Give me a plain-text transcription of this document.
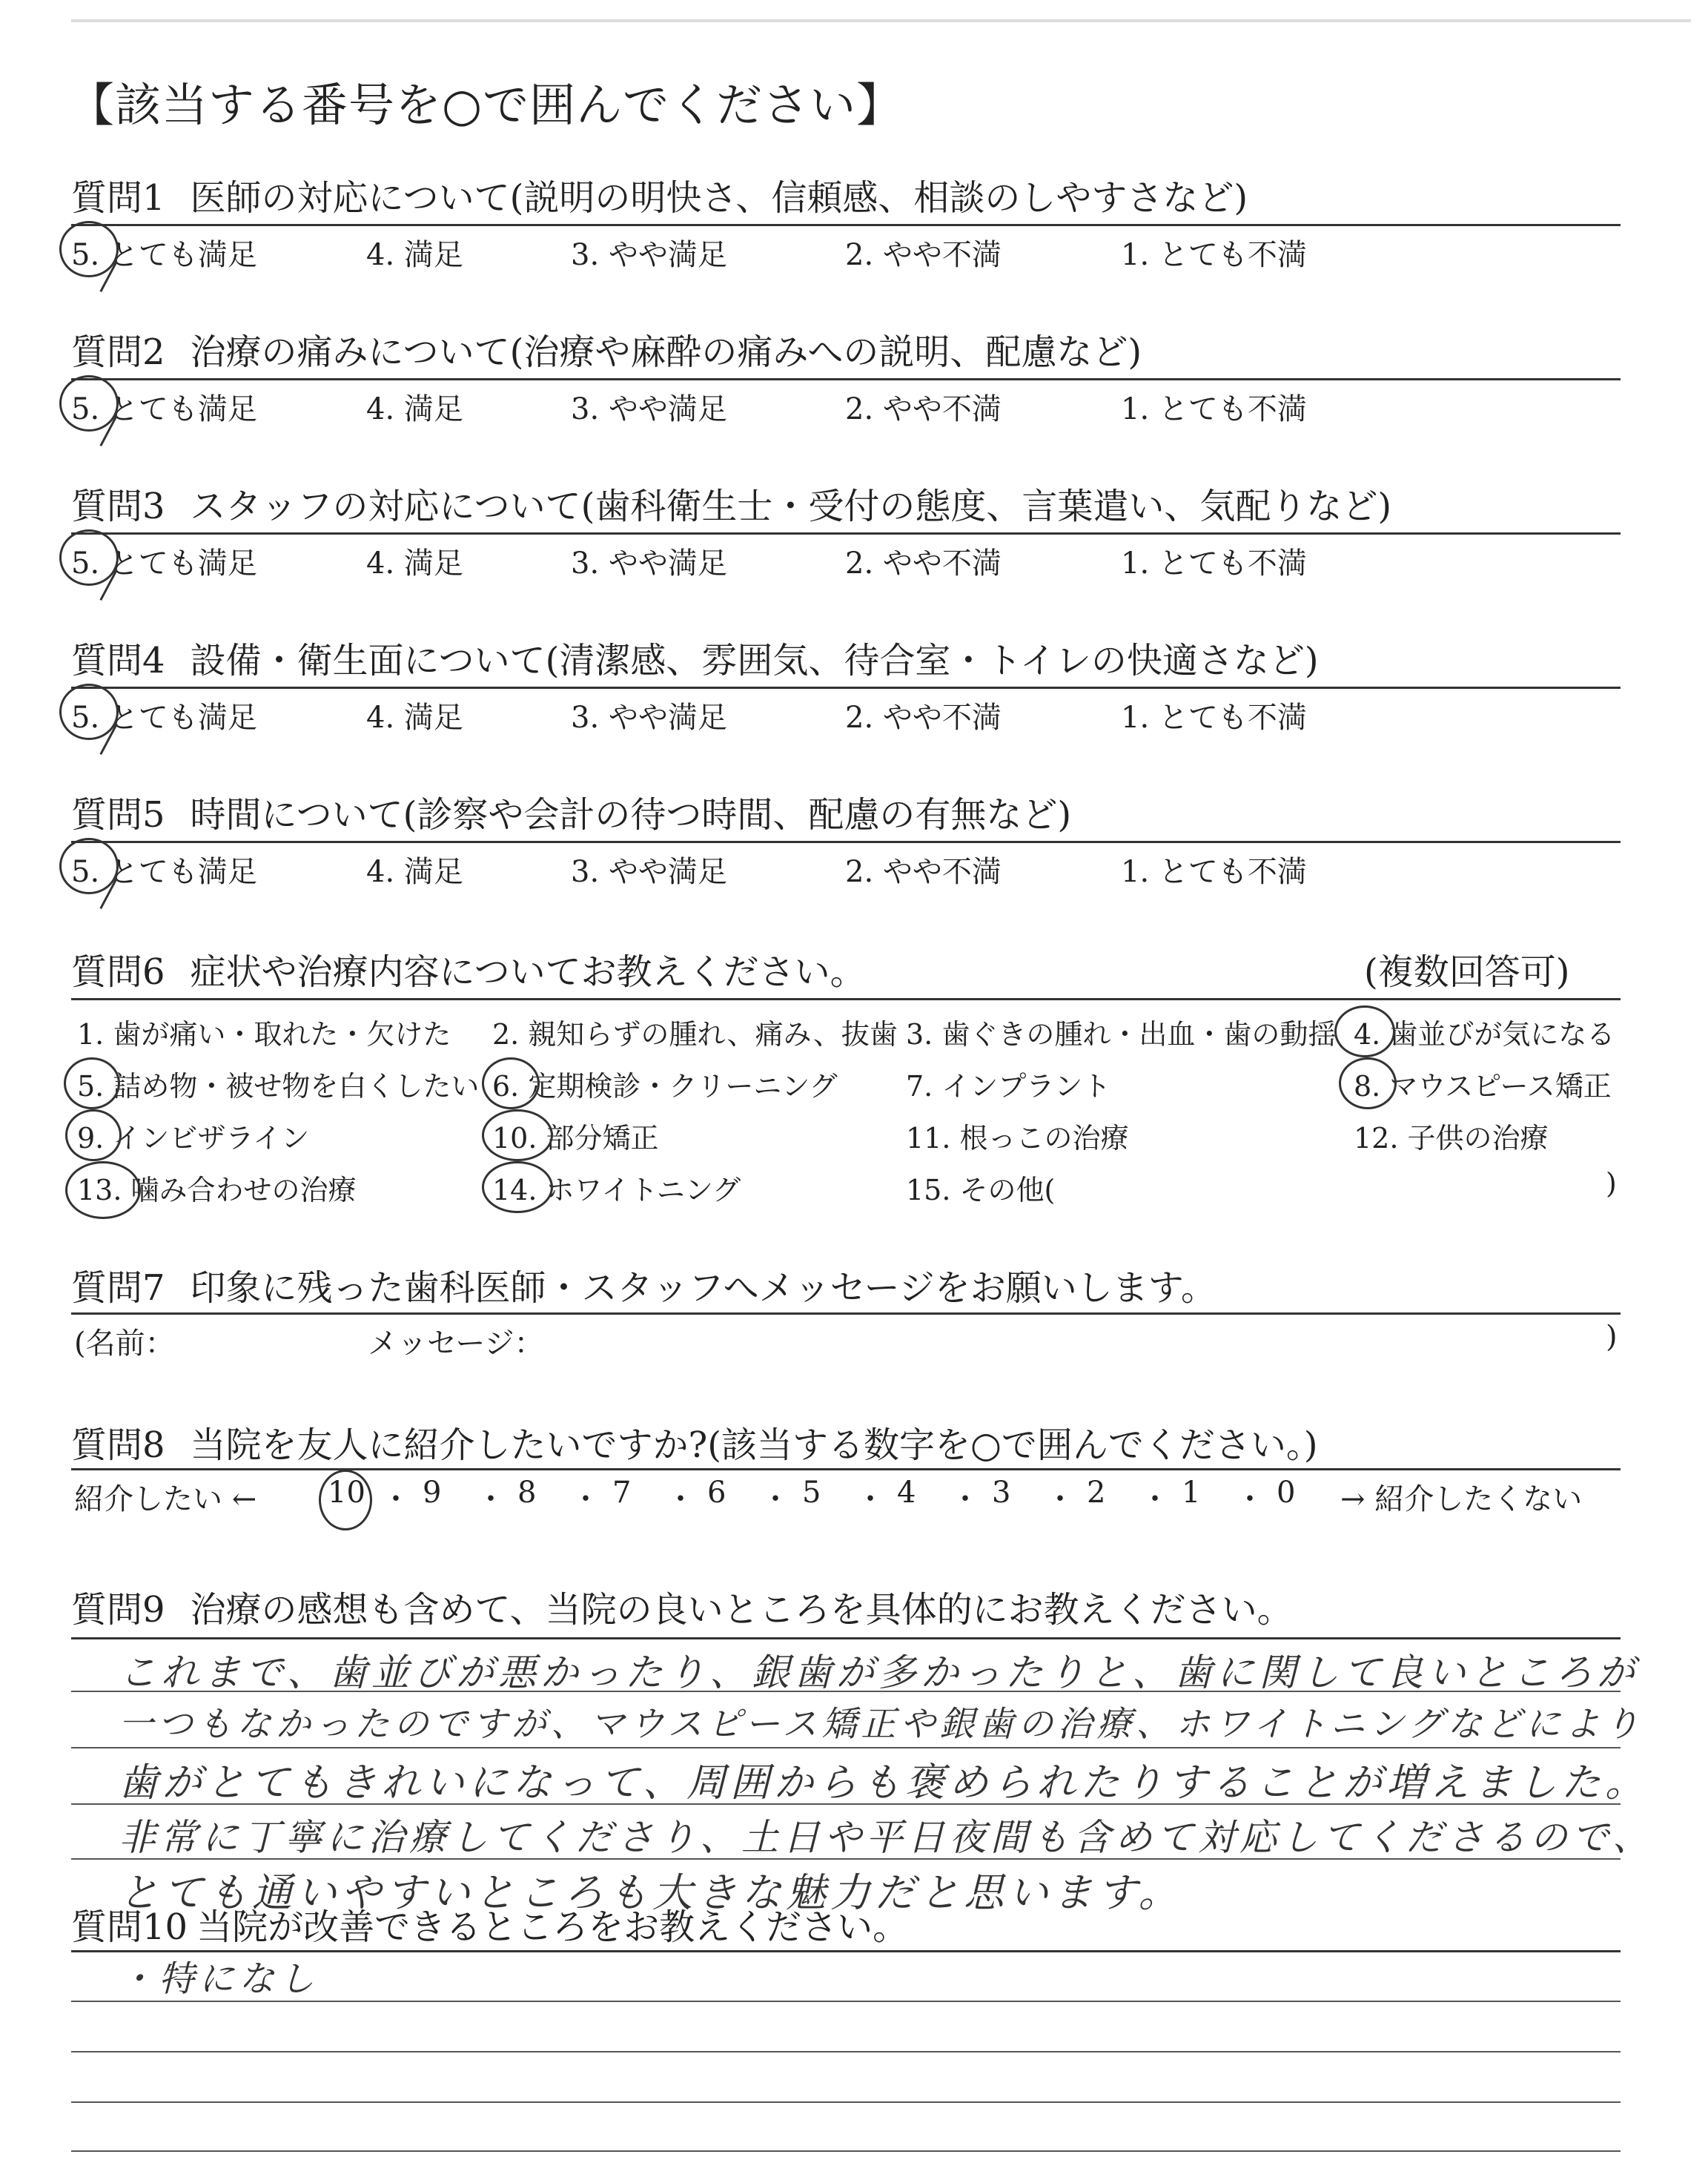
【該当する番号を○で囲んでください】
質問1 医師の対応について(説明の明快さ、信頼感、相談のしやすさなど)
5. とても満足	4. 満足	3. やや満足	2. やや不満	1. とても不満
質問2 治療の痛みについて(治療や麻酔の痛みへの説明、配慮など)
5. とても満足	4. 満足	3. やや満足	2. やや不満	1. とても不満
質問3 スタッフの対応について(歯科衛生士・受付の態度、言葉遣い、気配りなど)
5. とても満足	4. 満足	3. やや満足	2. やや不満	1. とても不満
質問4 設備・衛生面について(清潔感、雰囲気、待合室・トイレの快適さなど)
5. とても満足	4. 満足	3. やや満足	2. やや不満	1. とても不満
質問5 時間について(診察や会計の待つ時間、配慮の有無など)
5. とても満足	4. 満足	3. やや満足	2. やや不満	1. とても不満
質問6 症状や治療内容についてお教えください。	(複数回答可)
1. 歯が痛い・取れた・欠けた 2. 親知らずの腫れ、痛み、抜歯 3. 歯ぐきの腫れ・出血・歯の動揺 4. 歯並びが気になる
5. 詰め物・被せ物を白くしたい 6. 定期検診・クリーニング 7. インプラント	8. マウスピース矯正
9. インビザライン	10. 部分矯正	11. 根っこの治療	12. 子供の治療
13. 噛み合わせの治療	14. ホワイトニング	15. その他(	)
質問7 印象に残った歯科医師・スタッフへメッセージをお願いします。
(名前：	メッセージ：	)
質問8 当院を友人に紹介したいですか?(該当する数字を○で囲んでください。)
紹介したい ← 10 ・ 9 ・ 8 ・ 7 ・ 6 ・ 5 ・ 4 ・ 3 ・ 2 ・ 1 ・ 0 → 紹介したくない
質問9 治療の感想も含めて、当院の良いところを具体的にお教えください。
これまで、歯並びが悪かったり、銀歯が多かったりと、歯に関して良いところが
一つもなかったのですが、マウスピース矯正や銀歯の治療、ホワイトニングなどにより
歯がとてもきれいになって、周囲からも褒められたりすることが増えました。
非常に丁寧に治療してくださり、土日や平日夜間も含めて対応してくださるので、
とても通いやすいところも大きな魅力だと思います。
質問10 当院が改善できるところをお教えください。
・特になし
